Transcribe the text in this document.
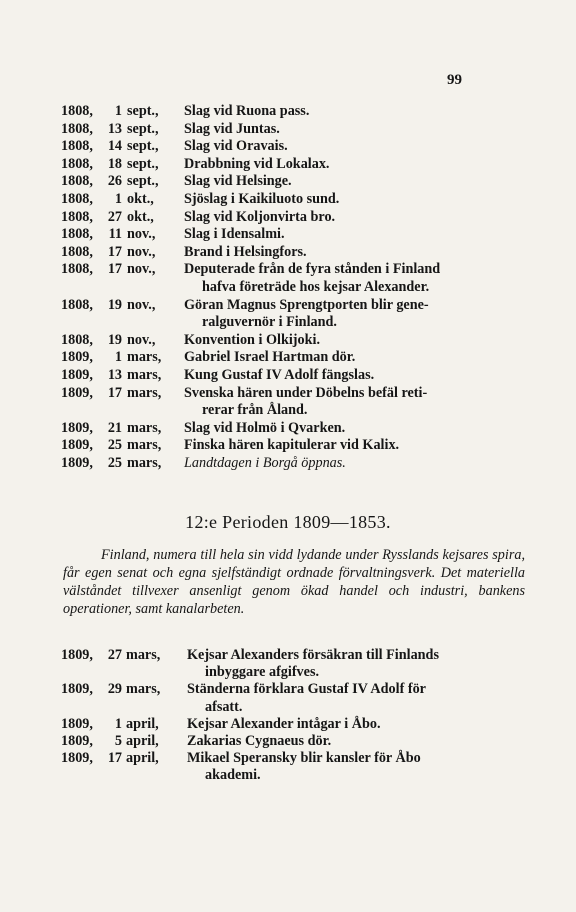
99
1808, 1 sept., Slag vid Ruona pass.
1808, 13 sept., Slag vid Juntas.
1808, 14 sept., Slag vid Oravais.
1808, 18 sept., Drabbning vid Lokalax.
1808, 26 sept., Slag vid Helsinge.
1808, 1 okt., Sjöslag i Kaikiluoto sund.
1808, 27 okt., Slag vid Koljonvirta bro.
1808, 11 nov., Slag i Idensalmi.
1808, 17 nov., Brand i Helsingfors.
1808, 17 nov., Deputerade från de fyra stånden i Finland
hafva företräde hos kejsar Alexander.
1808, 19 nov., Göran Magnus Sprengtporten blir gene-
ralguvernör i Finland.
1808, 19 nov., Konvention i Olkijoki.
1809, 1 mars, Gabriel Israel Hartman dör.
1809, 13 mars, Kung Gustaf IV Adolf fängslas.
1809, 17 mars, Svenska hären under Döbelns befäl reti-
rerar från Åland.
1809, 21 mars, Slag vid Holmö i Qvarken.
1809, 25 mars, Finska hären kapitulerar vid Kalix.
1809, 25 mars, Landtdagen i Borgå öppnas.
12:e Perioden 1809—1853.

Finland, numera till hela sin vidd lydande under Rysslands kejsares spira, får egen senat och egna sjelfständigt ordnade förvaltningsverk. Det materiella välståndet tillvexer ansenligt genom ökad handel och industri, bankens operationer, samt kanalarbeten.

1809, 27 mars, Kejsar Alexanders försäkran till Finlands
inbyggare afgifves.
1809, 29 mars, Ständerna förklara Gustaf IV Adolf för
afsatt.
1809, 1 april, Kejsar Alexander intågar i Åbo.
1809, 5 april, Zakarias Cygnaeus dör.
1809, 17 april, Mikael Speransky blir kansler för Åbo
akademi.
